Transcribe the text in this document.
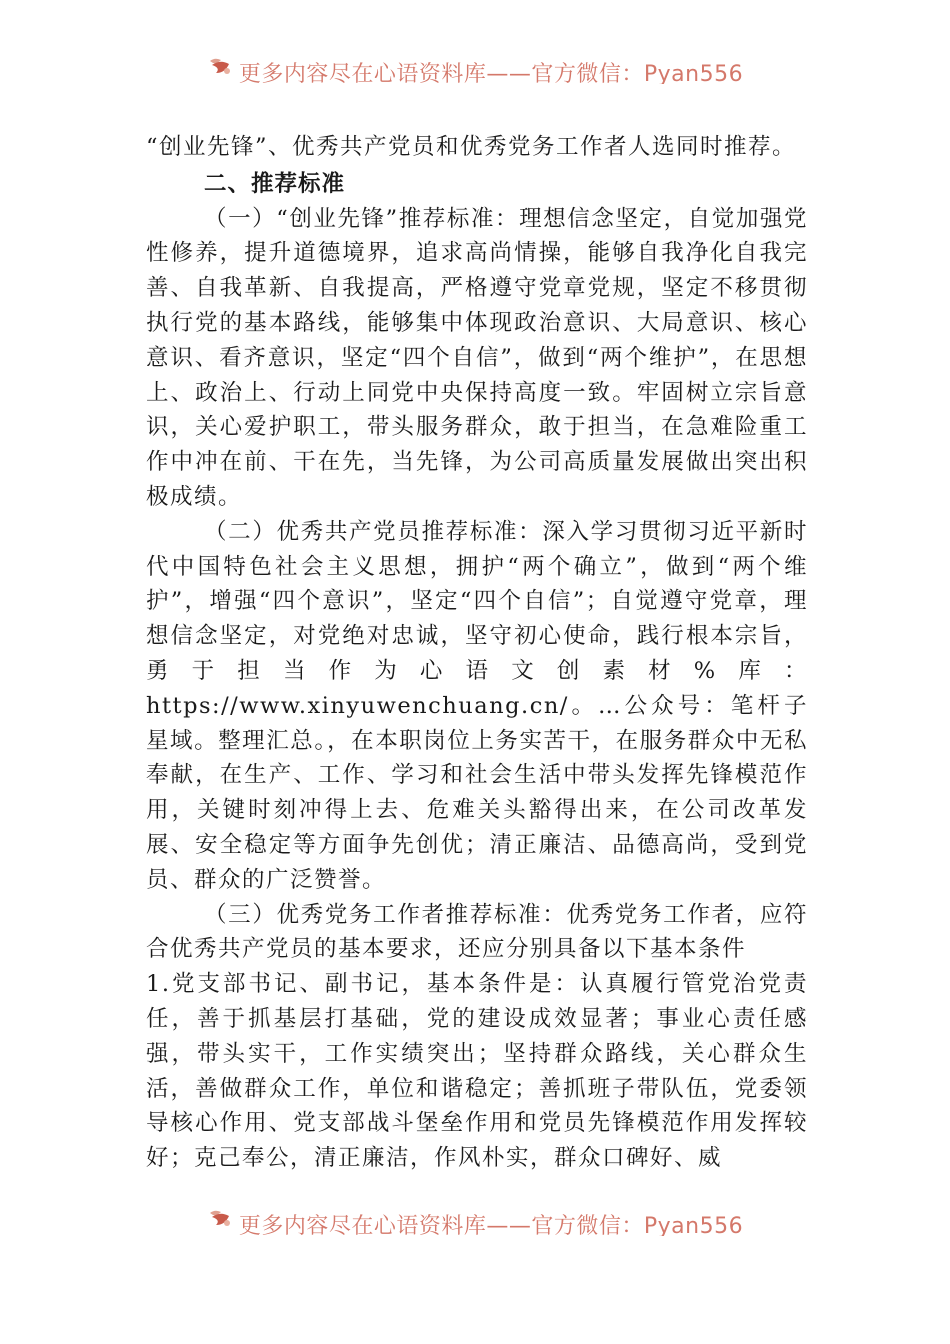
更多内容尽在心语资料库——官方微信：Pyan556

“创业先锋”、优秀共产党员和优秀党务工作者人选同时推荐。

二、推荐标准

（一）“创业先锋”推荐标准：理想信念坚定，自觉加强党性修养，提升道德境界，追求高尚情操，能够自我净化自我完善、自我革新、自我提高，严格遵守党章党规，坚定不移贯彻执行党的基本路线，能够集中体现政治意识、大局意识、核心意识、看齐意识，坚定“四个自信”，做到“两个维护”，在思想上、政治上、行动上同党中央保持高度一致。牢固树立宗旨意识，关心爱护职工，带头服务群众，敢于担当，在急难险重工作中冲在前、干在先，当先锋，为公司高质量发展做出突出积极成绩。

（二）优秀共产党员推荐标准：深入学习贯彻习近平新时代中国特色社会主义思想，拥护“两个确立”，做到“两个维护”，增强“四个意识”，坚定“四个自信”；自觉遵守党章，理想信念坚定，对党绝对忠诚，坚守初心使命，践行根本宗旨，勇于担当作为心语文创素材%库：https://www.xinyuwenchuang.cn/。…公众号：笔杆子星域。整理汇总。，在本职岗位上务实苦干，在服务群众中无私奉献，在生产、工作、学习和社会生活中带头发挥先锋模范作用，关键时刻冲得上去、危难关头豁得出来，在公司改革发展、安全稳定等方面争先创优；清正廉洁、品德高尚，受到党员、群众的广泛赞誉。

（三）优秀党务工作者推荐标准：优秀党务工作者，应符合优秀共产党员的基本要求，还应分别具备以下基本条件

1.党支部书记、副书记，基本条件是：认真履行管党治党责任，善于抓基层打基础，党的建设成效显著；事业心责任感强，带头实干，工作实绩突出；坚持群众路线，关心群众生活，善做群众工作，单位和谐稳定；善抓班子带队伍，党委领导核心作用、党支部战斗堡垒作用和党员先锋模范作用发挥较好；克己奉公，清正廉洁，作风朴实，群众口碑好、威

更多内容尽在心语资料库——官方微信：Pyan556
